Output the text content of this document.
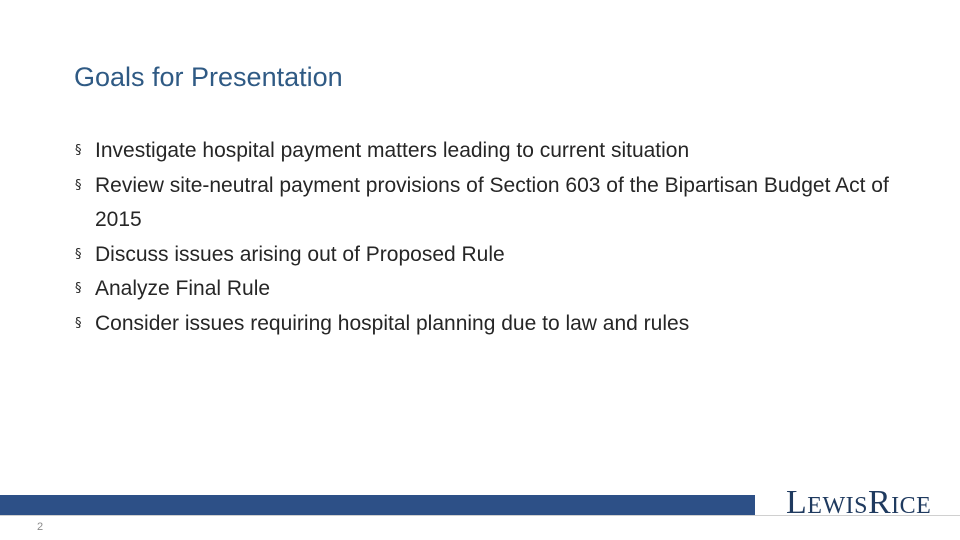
Goals for Presentation
§ Investigate hospital payment matters leading to current situation
§ Review site-neutral payment provisions of Section 603 of the Bipartisan Budget Act of 2015
§ Discuss issues arising out of Proposed Rule
§ Analyze Final Rule
§ Consider issues requiring hospital planning due to law and rules
2
LEWISRICE
